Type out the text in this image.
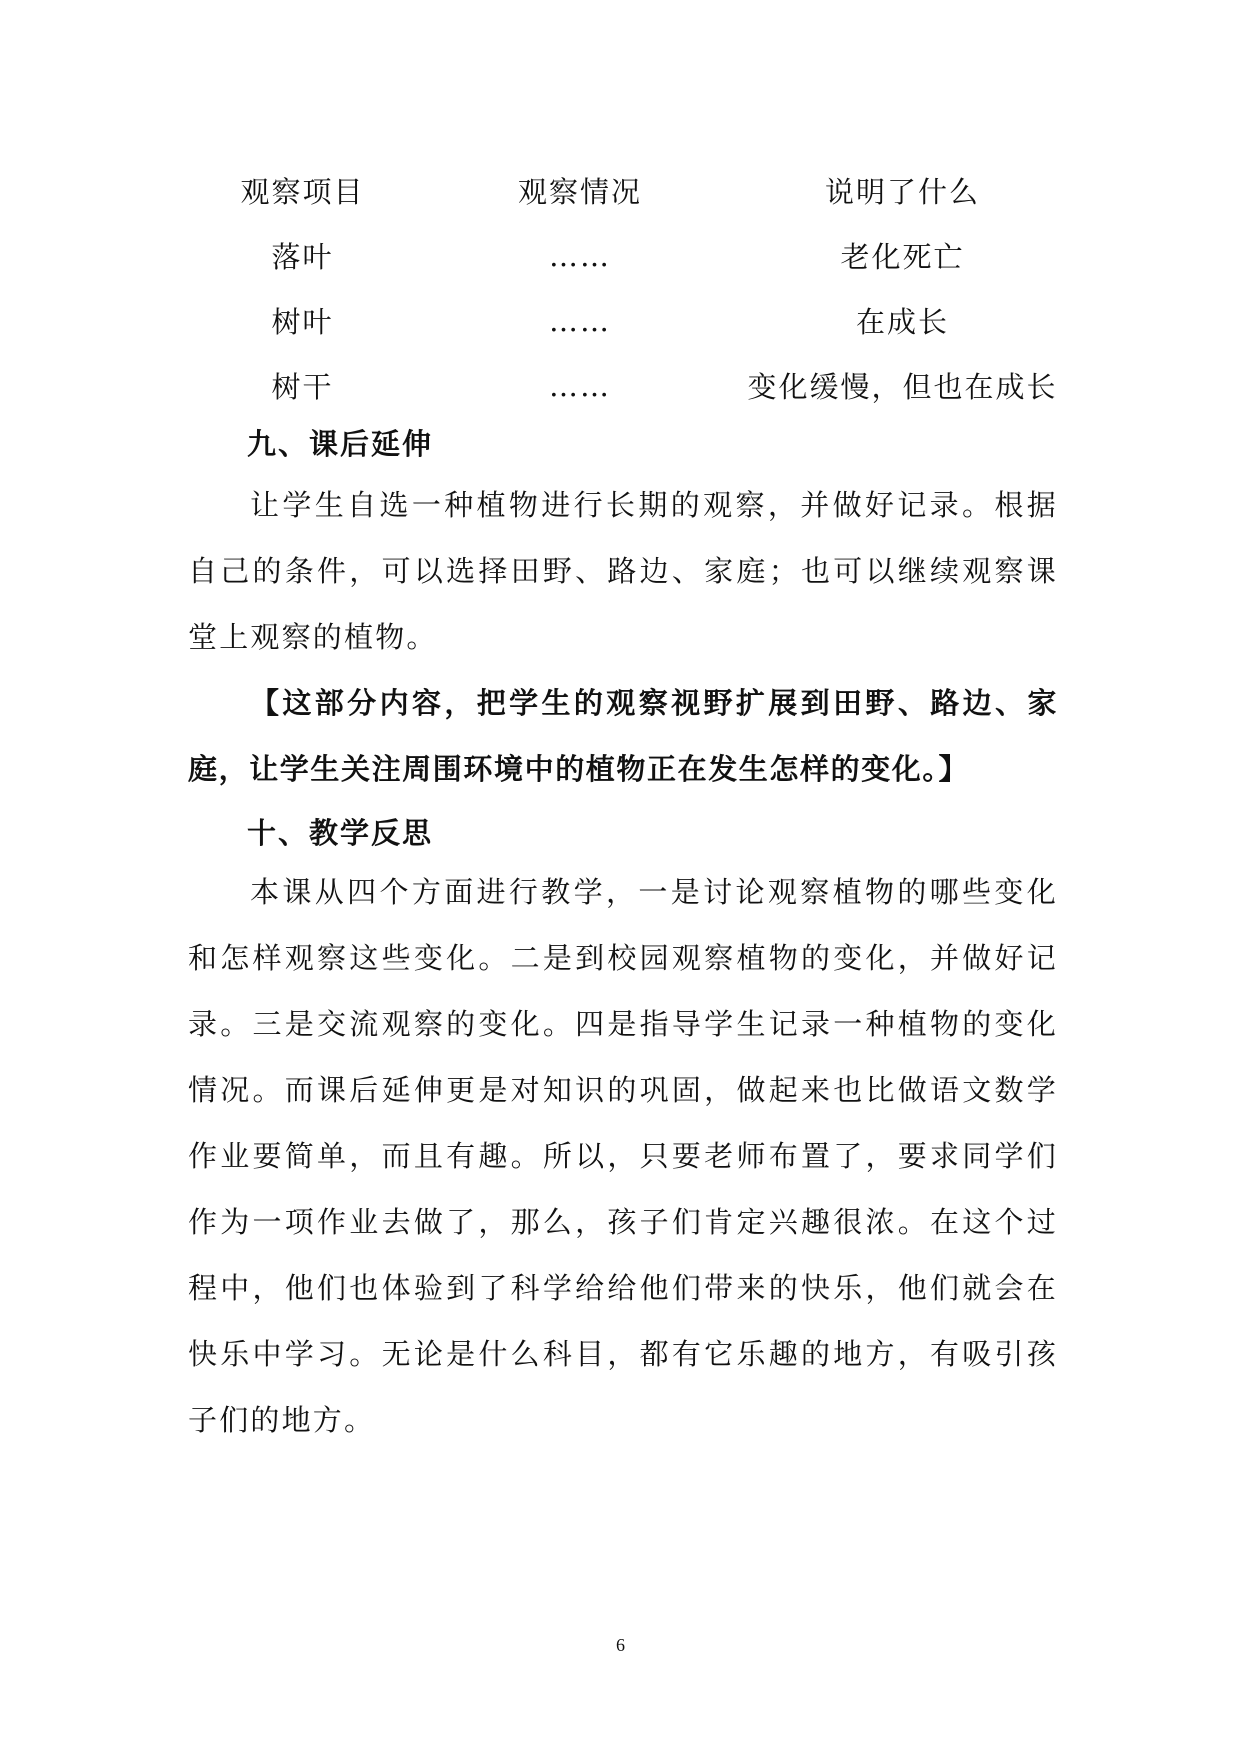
观察项目	观察情况	说明了什么
落叶	……	老化死亡
树叶	……	在成长
树干	……	变化缓慢，但也在成长
九、课后延伸
让学生自选一种植物进行长期的观察，并做好记录。根据自己的条件，可以选择田野、路边、家庭；也可以继续观察课堂上观察的植物。
【这部分内容，把学生的观察视野扩展到田野、路边、家庭，让学生关注周围环境中的植物正在发生怎样的变化。】
十、教学反思
本课从四个方面进行教学，一是讨论观察植物的哪些变化和怎样观察这些变化。二是到校园观察植物的变化，并做好记录。三是交流观察的变化。四是指导学生记录一种植物的变化情况。而课后延伸更是对知识的巩固，做起来也比做语文数学作业要简单，而且有趣。所以，只要老师布置了，要求同学们作为一项作业去做了，那么，孩子们肯定兴趣很浓。在这个过程中，他们也体验到了科学给给他们带来的快乐，他们就会在快乐中学习。无论是什么科目，都有它乐趣的地方，有吸引孩子们的地方。
6
